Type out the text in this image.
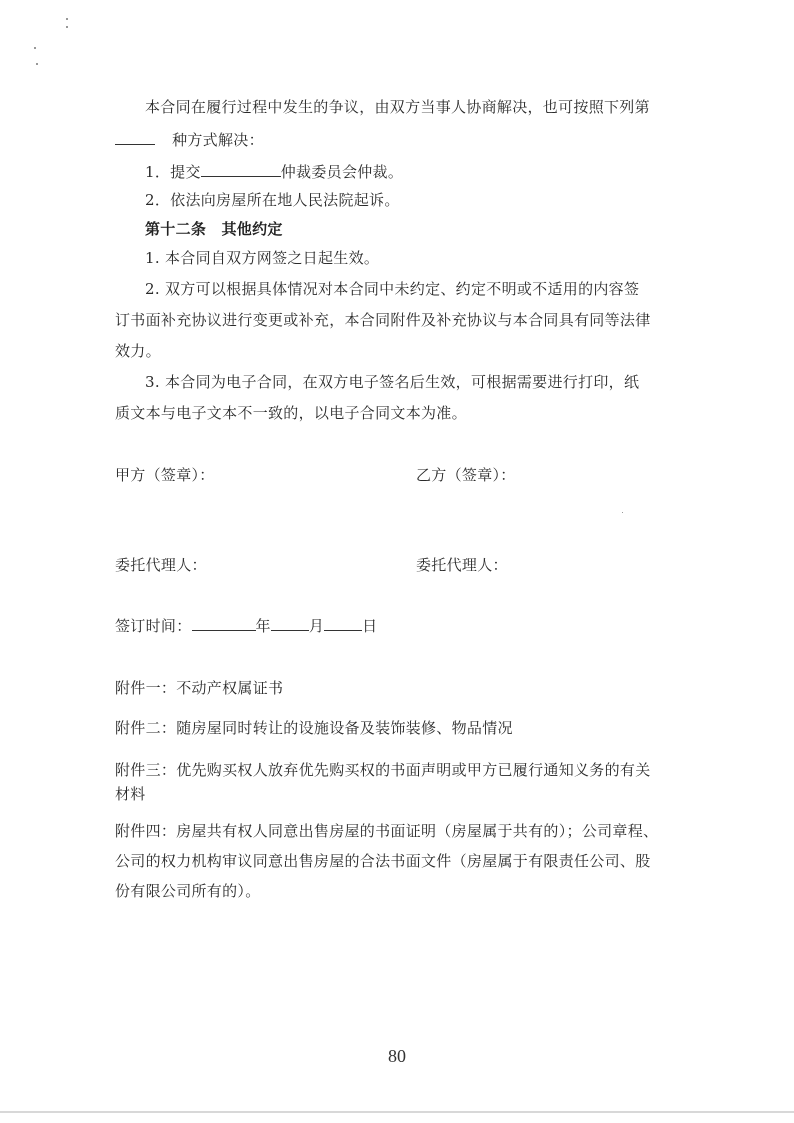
本合同在履行过程中发生的争议，由双方当事人协商解决，也可按照下列第
种方式解决：
1．提交	仲裁委员会仲裁。
2．依法向房屋所在地人民法院起诉。
第十二条　其他约定
1. 本合同自双方网签之日起生效。
2. 双方可以根据具体情况对本合同中未约定、约定不明或不适用的内容签
订书面补充协议进行变更或补充，本合同附件及补充协议与本合同具有同等法律
效力。
3. 本合同为电子合同，在双方电子签名后生效，可根据需要进行打印，纸
质文本与电子文本不一致的，以电子合同文本为准。
甲方（签章）：	乙方（签章）：
委托代理人：	委托代理人：
签订时间：	年	月	日
附件一：不动产权属证书
附件二：随房屋同时转让的设施设备及装饰装修、物品情况
附件三：优先购买权人放弃优先购买权的书面声明或甲方已履行通知义务的有关
材料
附件四：房屋共有权人同意出售房屋的书面证明（房屋属于共有的）；公司章程、
公司的权力机构审议同意出售房屋的合法书面文件（房屋属于有限责任公司、股
份有限公司所有的）。
80
